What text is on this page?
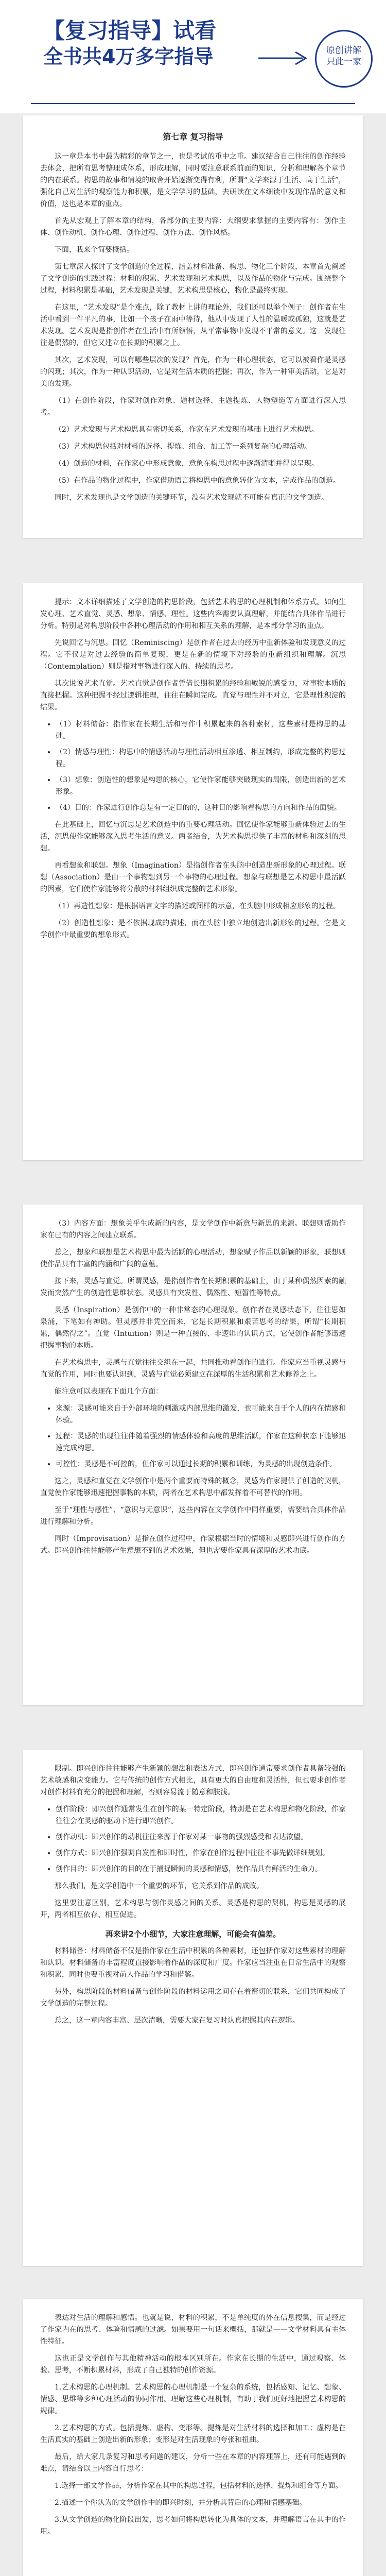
【复习指导】试看
全书共4万多字指导	原创讲解
只此一家
第七章 复习指导

这一章是本书中最为精彩的章节之一，也是考试的重中之重。建议结合自己往往的创作经验去体会，把所有思考整理成体系，形成理解，同时要注意联系前面的知识，分析和理解各个章节的内在联系。构思的故事和情境的取舍开始逐渐变得有利，所谓“文学来源于生活、高于生活”，强化自己对生活的观察能力和积累，是文学学习的基础，去研读在文本细读中发现作品的意义和价值，这也是本章的重点。

首先从宏观上了解本章的结构，各部分的主要内容：大纲要求掌握的主要内容有：创作主体、创作动机、创作心理、创作过程、创作方法、创作风格。

下面，我来个简要概括。

第七章深入探讨了文学创造的全过程，涵盖材料准备、构思、物化三个阶段，本章首先阐述了文学创造的实践过程：材料的积累、艺术发现和艺术构思，以及作品的物化与完成。围绕整个过程，材料积累是基础，艺术发现是关键，艺术构思是核心，物化是最终实现。

在这里，“艺术发现”是个难点，除了教材上讲的理论外，我们还可以举个例子：创作者在生活中看到一件平凡的事，比如一个孩子在雨中等待，他从中发现了人性的温暖或孤独，这就是艺术发现。艺术发现是指创作者在生活中有所领悟，从平常事物中发现不平常的意义。这一发现往往是偶然的，但它又建立在长期的积累之上。

其次，艺术发现，可以有哪些层次的发现？首先，作为一种心理状态，它可以被看作是灵感的闪现；其次，作为一种认识活动，它是对生活本质的把握；再次，作为一种审美活动，它是对美的发现。

（1）在创作阶段，作家对创作对象、题材选择、主题提炼、人物塑造等方面进行深入思考。

（2）艺术发现与艺术构思具有密切关系，作家在艺术发现的基础上进行艺术构思。

（3）艺术构思包括对材料的选择、提炼、组合、加工等一系列复杂的心理活动。

（4）创造的材料，在作家心中形成意象，意象在构思过程中逐渐清晰并得以呈现。

（5）在作品的物化过程中，作家借助语言将构思中的意象转化为文本，完成作品的创造。

同时，艺术发现也是文学创造的关键环节，没有艺术发现就不可能有真正的文学创造。

提示：文本详细描述了文学创造的构思阶段，包括艺术构思的心理机制和体系方式。如何生发心理、艺术直觉、灵感、想象、情感、理性。这些内容需要认真理解，并能结合具体作品进行分析。特别是对构思阶段中各种心理活动的作用和相互关系的理解，是本部分学习的重点。

先说回忆与沉思。回忆（Reminiscing）是创作者在过去的经历中重新体验和发现意义的过程。它不仅是对过去经验的简单复现，更是在新的情境下对经验的重新组织和理解。沉思（Contemplation）则是指对事物进行深入的、持续的思考。

其次说说艺术直觉。艺术直觉是创作者凭借长期积累的经验和敏锐的感受力，对事物本质的直接把握。这种把握不经过逻辑推理，往往在瞬间完成。直觉与理性并不对立，它是理性积淀的结果。

• （1）材料储备：指作家在长期生活和写作中积累起来的各种素材，这些素材是构思的基础。
• （2）情感与理性：构思中的情感活动与理性活动相互渗透、相互制约，形成完整的构思过程。
• （3）想象：创造性的想象是构思的核心，它使作家能够突破现实的局限，创造出新的艺术形象。
• （4）目的：作家进行创作总是有一定目的的，这种目的影响着构思的方向和作品的面貌。

在此基础上，回忆与沉思是艺术创造中的重要心理活动。回忆使作家能够重新体验过去的生活，沉思使作家能够深入思考生活的意义。两者结合，为艺术构思提供了丰富的材料和深刻的思想。

再看想象和联想。想象（Imagination）是指创作者在头脑中创造出新形象的心理过程。联想（Association）是由一个事物想到另一个事物的心理过程。想象与联想是艺术构思中最活跃的因素，它们使作家能够将分散的材料组织成完整的艺术形象。

（1）再造性想象：是根据语言文字的描述或图样的示意，在头脑中形成相应形象的过程。

（2）创造性想象：是不依据现成的描述，而在头脑中独立地创造出新形象的过程。它是文学创作中最重要的想象形式。

（3）内容方面：想象关乎生成新的内容，是文学创作中新意与新思的来源。联想则帮助作家在已有的内容之间建立联系。

总之，想象和联想是艺术构思中最为活跃的心理活动，想象赋予作品以新颖的形象，联想则使作品具有丰富的内涵和广阔的意蕴。

接下来，灵感与直觉。所谓灵感，是指创作者在长期积累的基础上，由于某种偶然因素的触发而突然产生的创造性思维状态。灵感具有突发性、偶然性、短暂性等特点。

灵感（Inspiration）是创作中的一种非常态的心理现象。创作者在灵感状态下，往往思如泉涌，下笔如有神助。但灵感并非凭空而来，它是长期积累和艰苦思考的结果，所谓“长期积累，偶然得之”。直觉（Intuition）则是一种直接的、非逻辑的认识方式，它使创作者能够迅速把握事物的本质。

在艺术构思中，灵感与直觉往往交织在一起，共同推动着创作的进行。作家应当重视灵感与直觉的作用，同时也要认识到，灵感与直觉必须建立在深厚的生活积累和艺术修养之上。

能注意可以表现在下面几个方面：

• 来源：灵感可能来自于外部环境的刺激或内部思维的激发，也可能来自于个人的内在情感和体验。
• 过程：灵感的出现往往伴随着强烈的情感体验和高度的思维活跃，作家在这种状态下能够迅速完成构思。
• 可控性：灵感是不可控的，但作家可以通过长期的积累和训练，为灵感的出现创造条件。

这之，灵感和直觉在文学创作中是两个重要而特殊的概念，灵感为作家提供了创造的契机，直觉使作家能够迅速把握事物的本质，两者在艺术构思中都发挥着不可替代的作用。

至于“理性与感性”、“意识与无意识”，这些内容在文学创作中同样重要，需要结合具体作品进行理解和分析。

同时（Improvisation）是指在创作过程中，作家根据当时的情境和灵感即兴进行创作的方式。即兴创作往往能够产生意想不到的艺术效果，但也需要作家具有深厚的艺术功底。

限制。即兴创作往往能够产生新颖的想法和表达方式，即兴创作通常要求创作者具备较强的艺术敏感和应变能力。它与传统的创作方式相比，具有更大的自由度和灵活性，但也要求创作者对创作材料有充分的把握和理解，否则容易流于随意和肤浅。

• 创作阶段：即兴创作通常发生在创作的某一特定阶段，特别是在艺术构思和物化阶段，作家往往会在灵感的驱动下进行即兴创作。
• 创作动机：即兴创作的动机往往来源于作家对某一事物的强烈感受和表达欲望。
• 创作方式：即兴创作强调自发性和即时性，作家在创作过程中往往不事先做详细规划。
• 创作目的：即兴创作的目的在于捕捉瞬间的灵感和情感，使作品具有鲜活的生命力。

那么我们，是文学创造中一个重要的环节，它关系到作品的成败。

这里要注意区别，艺术构思与创作灵感之间的关系。灵感是构思的契机，构思是灵感的展开，两者相互依存、相互促进。

再来讲2个小细节，大家注意理解，可能会有偏差。

材料储备：材料储备不仅是指作家在生活中积累的各种素材，还包括作家对这些素材的理解和认识。材料储备的丰富程度直接影响着作品的深度和广度。作家应当注重在日常生活中的观察和积累，同时也要重视对前人作品的学习和借鉴。

另外，构思阶段的材料储备与创作阶段的材料运用之间存在着密切的联系，它们共同构成了文学创造的完整过程。

总之，这一章内容丰富、层次清晰，需要大家在复习时认真把握其内在逻辑。

表达对生活的理解和感悟。也就是说，材料的积累，不是单纯度的外在信息搜集，而是经过了作家内在的思考、体验和情感的过滤。如果要用一句话来概括，那就是——文学材料具有主体性特征。

这也正是文学创作与其他精神活动的根本区别所在。作家在长期的生活中，通过观察、体验、思考，不断积累材料，形成了自己独特的创作资源。

1.艺术构思的心理机制。艺术构思的心理机制是一个复杂的系统，包括感知、记忆、想象、情感、思维等多种心理活动的协同作用。理解这些心理机制，有助于我们更好地把握艺术构思的规律。

2.艺术构思的方式。包括提炼、虚构、变形等。提炼是对生活材料的选择和加工；虚构是在生活真实的基础上创造出新的形象；变形是对生活现象的夸张和扭曲。

最后，给大家几条复习和思考问题的建议，分析一些在本章的内容理解上，还有可能遇到的难点，请结合以上内容自行思考：

1.选择一部文学作品，分析作家在其中的构思过程，包括材料的选择、提炼和组合等方面。

2.描述一个你认为的文学创作中的即兴时刻，并分析其背后的心理和情感基础。

3.从文学创造的物化阶段出发，思考如何将构思转化为具体的文本，并理解语言在其中的作用。
